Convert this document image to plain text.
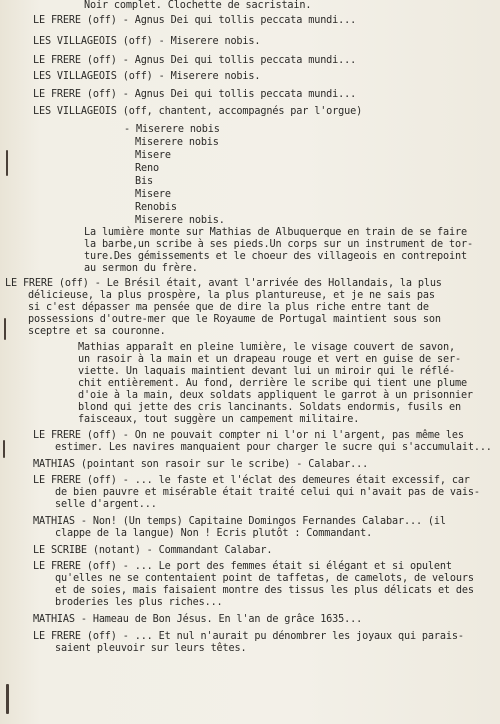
Noir complet. Clochette de sacristain.
LE FRERE (off) - Agnus Dei qui tollis peccata mundi...
LES VILLAGEOIS (off) - Miserere nobis.
LE FRERE (off) - Agnus Dei qui tollis peccata mundi...
LES VILLAGEOIS (off) - Miserere nobis.
LE FRERE (off) - Agnus Dei qui tollis peccata mundi...
LES VILLAGEOIS (off, chantent, accompagnés par l'orgue)
- Miserere nobis
Miserere nobis
Misere
Reno
Bis
Misere
Renobis
Miserere nobis.
La lumière monte sur Mathias de Albuquerque en train de se faire
la barbe,un scribe à ses pieds.Un corps sur un instrument de tor-
ture.Des gémissements et le choeur des villageois en contrepoint
au sermon du frère.
LE FRERE (off) - Le Brésil était, avant l'arrivée des Hollandais, la plus
délicieuse, la plus prospère, la plus plantureuse, et je ne sais pas
si c'est dépasser ma pensée que de dire la plus riche entre tant de
possessions d'outre-mer que le Royaume de Portugal maintient sous son
sceptre et sa couronne.
Mathias apparaît en pleine lumière, le visage couvert de savon,
un rasoir à la main et un drapeau rouge et vert en guise de ser-
viette. Un laquais maintient devant lui un miroir qui le réflé-
chit entièrement. Au fond, derrière le scribe qui tient une plume
d'oie à la main, deux soldats appliquent le garrot à un prisonnier
blond qui jette des cris lancinants. Soldats endormis, fusils en
faisceaux, tout suggère un campement militaire.
LE FRERE (off) - On ne pouvait compter ni l'or ni l'argent, pas même les
estimer. Les navires manquaient pour charger le sucre qui s'accumulait...
MATHIAS (pointant son rasoir sur le scribe) - Calabar...
LE FRERE (off) - ... le faste et l'éclat des demeures était excessif, car
de bien pauvre et misérable était traité celui qui n'avait pas de vais-
selle d'argent...
MATHIAS - Non! (Un temps) Capitaine Domingos Fernandes Calabar... (il
clappe de la langue) Non ! Ecris plutôt : Commandant.
LE SCRIBE (notant) - Commandant Calabar.
LE FRERE (off) - ... Le port des femmes était si élégant et si opulent
qu'elles ne se contentaient point de taffetas, de camelots, de velours
et de soies, mais faisaient montre des tissus les plus délicats et des
broderies les plus riches...
MATHIAS - Hameau de Bon Jésus. En l'an de grâce 1635...
LE FRERE (off) - ... Et nul n'aurait pu dénombrer les joyaux qui parais-
saient pleuvoir sur leurs têtes.
